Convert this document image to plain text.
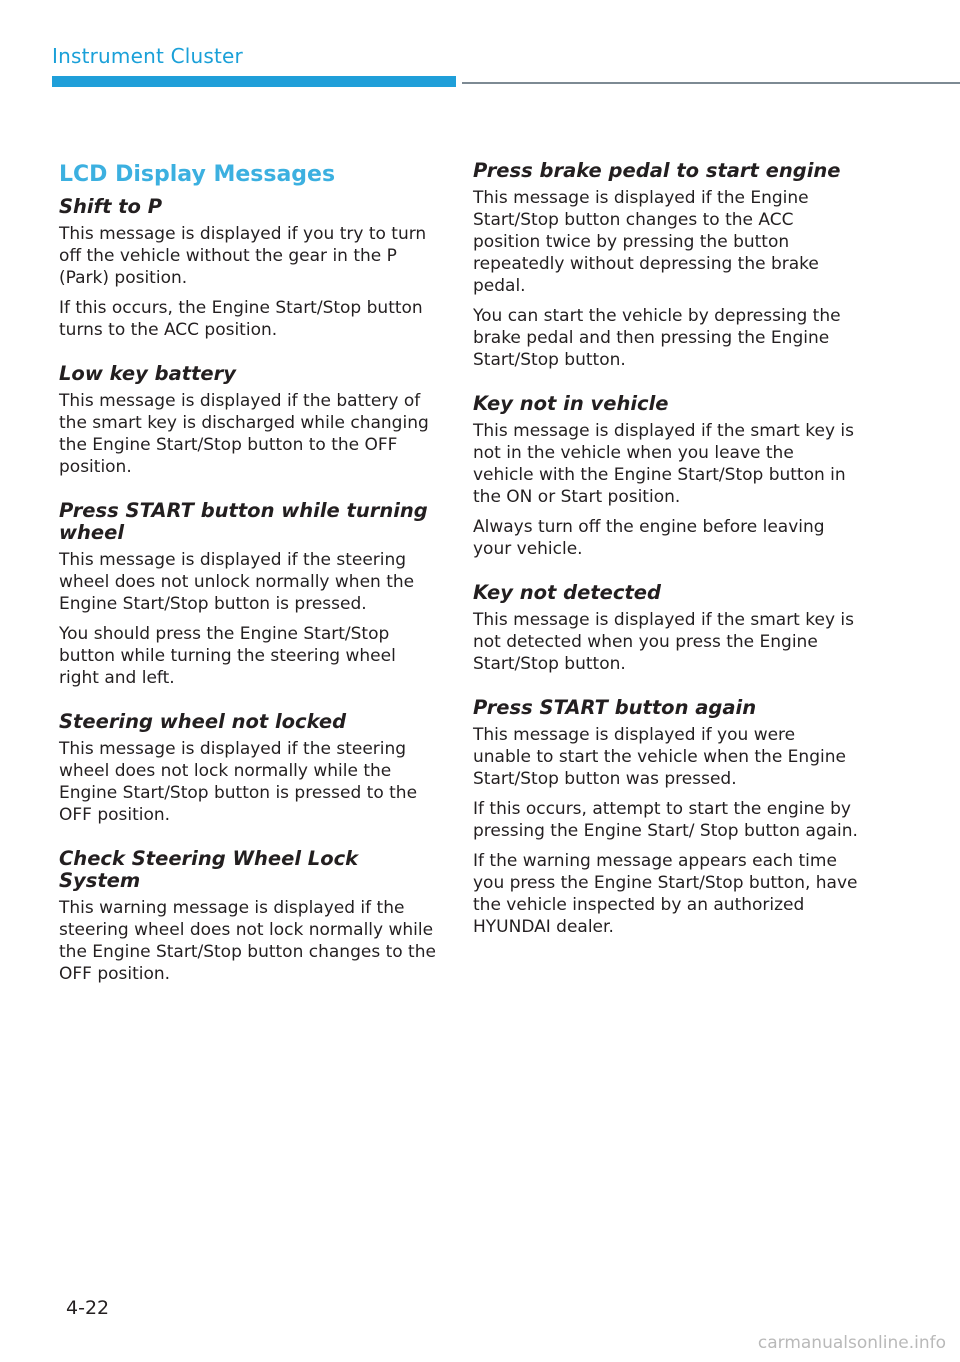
Instrument Cluster
LCD Display Messages
Shift to P
This message is displayed if you try to turn off the vehicle without the gear in the P (Park) position.
If this occurs, the Engine Start/Stop button turns to the ACC position.
Low key battery
This message is displayed if the battery of the smart key is discharged while changing the Engine Start/Stop button to the OFF position.
Press START button while turning wheel
This message is displayed if the steering wheel does not unlock normally when the Engine Start/Stop button is pressed.
You should press the Engine Start/Stop button while turning the steering wheel right and left.
Steering wheel not locked
This message is displayed if the steering wheel does not lock normally while the Engine Start/Stop button is pressed to the OFF position.
Check Steering Wheel Lock System
This warning message is displayed if the steering wheel does not lock normally while the Engine Start/Stop button changes to the OFF position.
Press brake pedal to start engine
This message is displayed if the Engine Start/Stop button changes to the ACC position twice by pressing the button repeatedly without depressing the brake pedal.
You can start the vehicle by depressing the brake pedal and then pressing the Engine Start/Stop button.
Key not in vehicle
This message is displayed if the smart key is not in the vehicle when you leave the vehicle with the Engine Start/Stop button in the ON or Start position.
Always turn off the engine before leaving your vehicle.
Key not detected
This message is displayed if the smart key is not detected when you press the Engine Start/Stop button.
Press START button again
This message is displayed if you were unable to start the vehicle when the Engine Start/Stop button was pressed.
If this occurs, attempt to start the engine by pressing the Engine Start/ Stop button again.
If the warning message appears each time you press the Engine Start/Stop button, have the vehicle inspected by an authorized HYUNDAI dealer.
4-22
carmanualsonline.info
